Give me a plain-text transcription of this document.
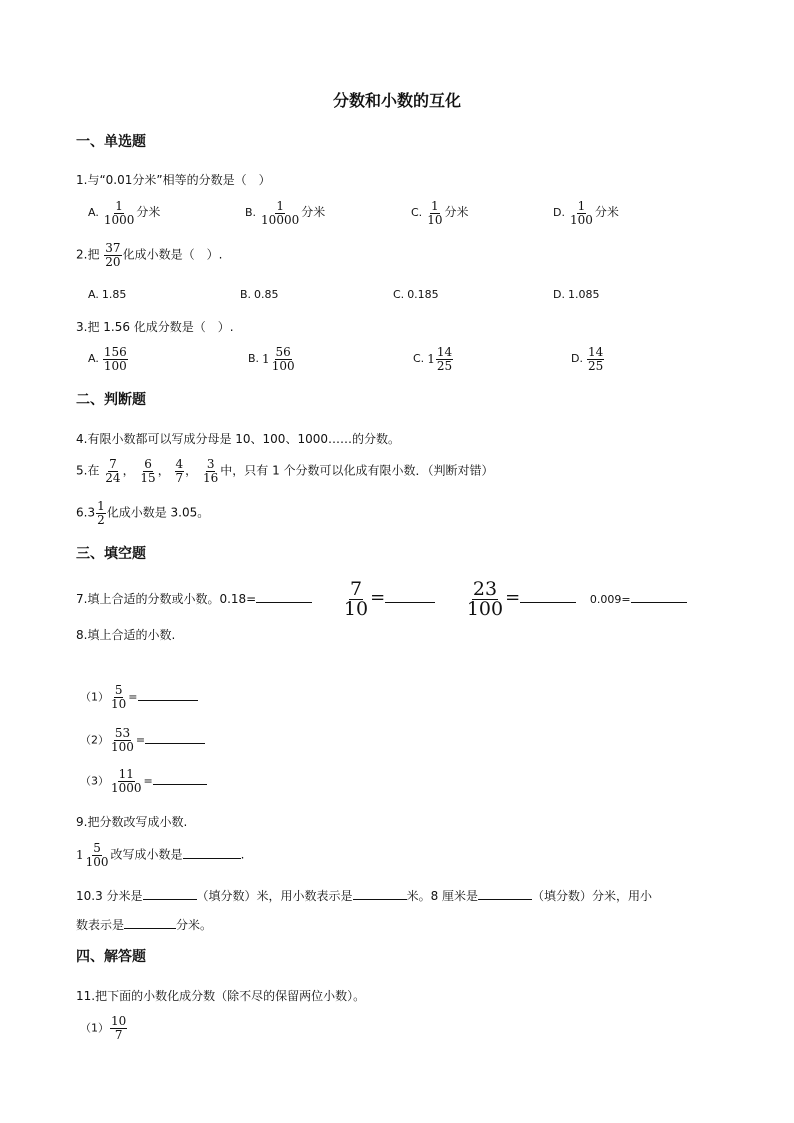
分数和小数的互化
一、单选题
1.与“0.01分米”相等的分数是（　）
A. $\frac{1}{1000}$ 分米	B. $\frac{1}{10000}$ 分米	C. $\frac{1}{10}$ 分米	D. $\frac{1}{100}$ 分米
2.把 $\frac{37}{20}$ 化成小数是（　）.
A. 1.85	B. 0.85	C. 0.185	D. 1.085
3.把 1.56 化成分数是（　）.
A. $\frac{156}{100}$	B. $1 \frac{56}{100}$	C. $1 \frac{14}{25}$	D. $\frac{14}{25}$
二、判断题
4.有限小数都可以写成分母是 10、100、1000……的分数。
5.在 $\frac{7}{24}$ ， $\frac{6}{15}$ ， $\frac{4}{7}$ ， $\frac{3}{16}$ 中，只有 1 个分数可以化成有限小数．（判断对错）
$6.3 \frac{1}{2}$ 化成小数是 3.05。
三、填空题
7.填上合适的分数或小数。0.18=	$\frac{7}{10}$ =	$\frac{23}{100}$ =	0.009=
8.填上合适的小数.
$(1) \frac{5}{10}$ =
$(2) \frac{53}{100}$ =
$(3) \frac{11}{1000}$ =
9.把分数改写成小数.
$1 \frac{5}{100}$ 改写成小数是	.
10.3 分米是	（填分数）米，用小数表示是	米。8 厘米是	（填分数）分米，用小
数表示是	分米。
四、解答题
11.把下面的小数化成分数（除不尽的保留两位小数）。
$(1) \frac{10}{7}$
